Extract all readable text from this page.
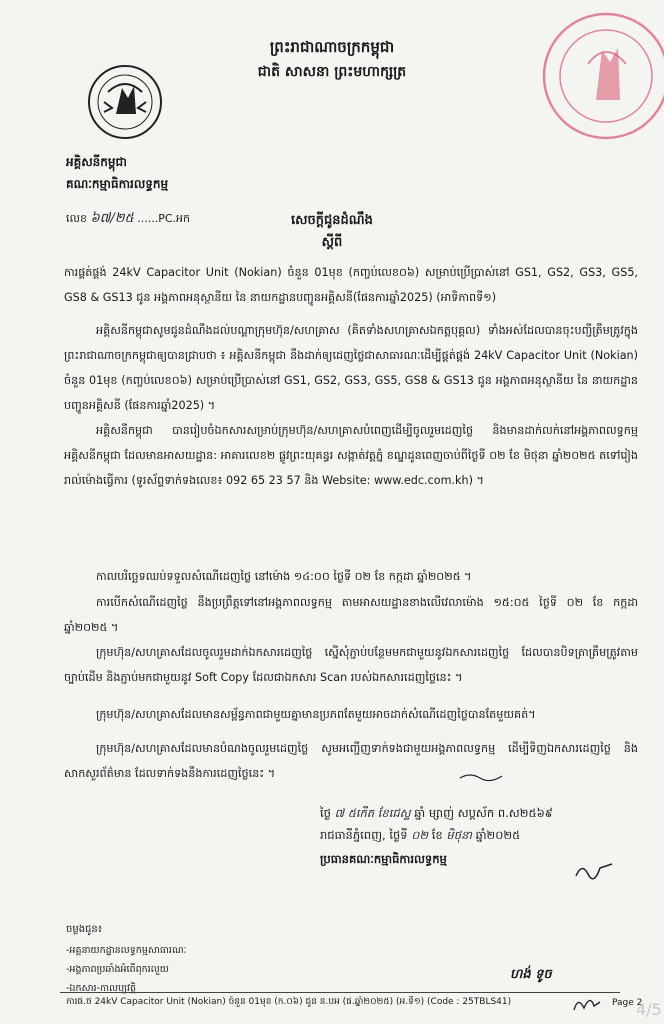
ព្រះរាជាណាចក្រកម្ពុជា
ជាតិ សាសនា ព្រះមហាក្សត្រ
អគ្គិសនីកម្ពុជា
គណៈកម្មាធិការលទ្ធកម្ម
លេខ ៦៧/២៥ ......PC.អក	សេចក្តីជូនដំណឹង
ស្តីពី
ការផ្គត់ផ្គង់ 24kV Capacitor Unit (Nokian) ចំនួន 01មុខ (កញ្ចប់លេខ០៦) សម្រាប់ប្រើប្រាស់នៅ GS1, GS2, GS3, GS5, GS8 & GS13 ជូន អង្គភាពអនុស្ថានីយ នៃ នាយកដ្ឋានបញ្ជូនអគ្គិសនី(ផែនការឆ្នាំ2025) (អាទិភាពទី១)
អគ្គិសនីកម្ពុជាសូមជូនដំណឹងដល់បណ្តាក្រុមហ៊ុន/សហគ្រាស (គិតទាំងសហគ្រាសឯកត្តបុគ្គល) ទាំងអស់ដែលបានចុះបញ្ជីត្រឹមត្រូវក្នុងព្រះរាជាណាចក្រកម្ពុជាឲ្យបានជ្រាបថា ៖ អគ្គិសនីកម្ពុជា នឹងដាក់ឲ្យដេញថ្លៃជាសាធារណៈដើម្បីផ្គត់ផ្គង់ 24kV Capacitor Unit (Nokian) ចំនួន 01មុខ (កញ្ចប់លេខ០៦) សម្រាប់ប្រើប្រាស់នៅ GS1, GS2, GS3, GS5, GS8 & GS13 ជូន អង្គភាពអនុស្ថានីយ នៃ នាយកដ្ឋានបញ្ជូនអគ្គិសនី (ផែនការឆ្នាំ2025) ។
អគ្គិសនីកម្ពុជា បានរៀបចំឯកសារសម្រាប់ក្រុមហ៊ុន/សហគ្រាសបំពេញដើម្បីចូលរួមដេញថ្លៃ និងមានដាក់លក់នៅអង្គភាពលទ្ធកម្មអគ្គិសនីកម្ពុជា ដែលមានអាសយដ្ឋាន: អាគារលេខ២ ផ្លូវព្រះយុគន្ធរ សង្កាត់វត្តភ្នំ ខណ្ឌដូនពេញចាប់ពីថ្ងៃទី ០២ ខែ មិថុនា ឆ្នាំ២០២៥ តទៅរៀងរាល់ម៉ោងធ្វើការ (ទូរស័ព្ទទាក់ទងលេខ៖ 092 65 23 57 និង Website: www.edc.com.kh) ។
កាលបរិច្ឆេទឈប់ទទួលសំណើដេញថ្លៃ នៅម៉ោង ១៤:០០ ថ្ងៃទី ០២ ខែ កក្កដា ឆ្នាំ២០២៥ ។
ការបើកសំណើដេញថ្លៃ នឹងប្រព្រឹត្តទៅនៅអង្គភាពលទ្ធកម្ម តាមអាសយដ្ឋានខាងលើវេលាម៉ោង ១៥:០៥ ថ្ងៃទី ០២ ខែ កក្កដា ឆ្នាំ២០២៥ ។
ក្រុមហ៊ុន/សហគ្រាសដែលចូលរួមដាក់ឯកសារដេញថ្លៃ ស្នើសុំភ្ជាប់បន្ថែមមកជាមួយនូវឯកសារដេញថ្លៃ ដែលបានបិទត្រាត្រឹមត្រូវតាមច្បាប់ដើម និងភ្ជាប់មកជាមួយនូវ Soft Copy ដែលជាឯកសារ Scan របស់ឯកសារដេញថ្លៃនេះ ។
ក្រុមហ៊ុន/សហគ្រាសដែលមានសម្ព័ន្ធភាពជាមួយគ្នាមានប្រភពតែមួយអាចដាក់សំណើដេញថ្លៃបានតែមួយគត់។
ក្រុមហ៊ុន/សហគ្រាសដែលមានបំណងចូលរួមដេញថ្លៃ សូមអញ្ជើញទាក់ទងជាមួយអង្គភាពលទ្ធកម្ម ដើម្បីទិញឯកសារដេញថ្លៃ និងសាកសួរព័ត៌មាន ដែលទាក់ទងនឹងការដេញថ្លៃនេះ ។
ថ្ងៃ ៧ ៥កើត ខែជេស្ឋ ឆ្នាំ ម្សាញ់ សប្តស័ក ព.ស២៥៦៩
រាជធានីភ្នំពេញ, ថ្ងៃទី ០២ ខែ មិថុនា ឆ្នាំ២០២៥
ប្រធានគណៈកម្មាធិការលទ្ធកម្ម
ចម្លងជូន៖
-អគ្គនាយកដ្ឋានលទ្ធកម្មសាធារណៈ
-អង្គភាពប្រឆាំងអំពើពុករលួយ
-ឯកសារ-កាលប្បវត្តិ
ហង់ ទូច
ការផ.ថ 24kV Capacitor Unit (Nokian) ចំនួន 01មុខ (ក.០៦) ជូន ន.បអ (ផ.ឆ្នាំ២០២៥) (អ.ទី១) (Code : 25TBLS41)	Page 2
4/5
